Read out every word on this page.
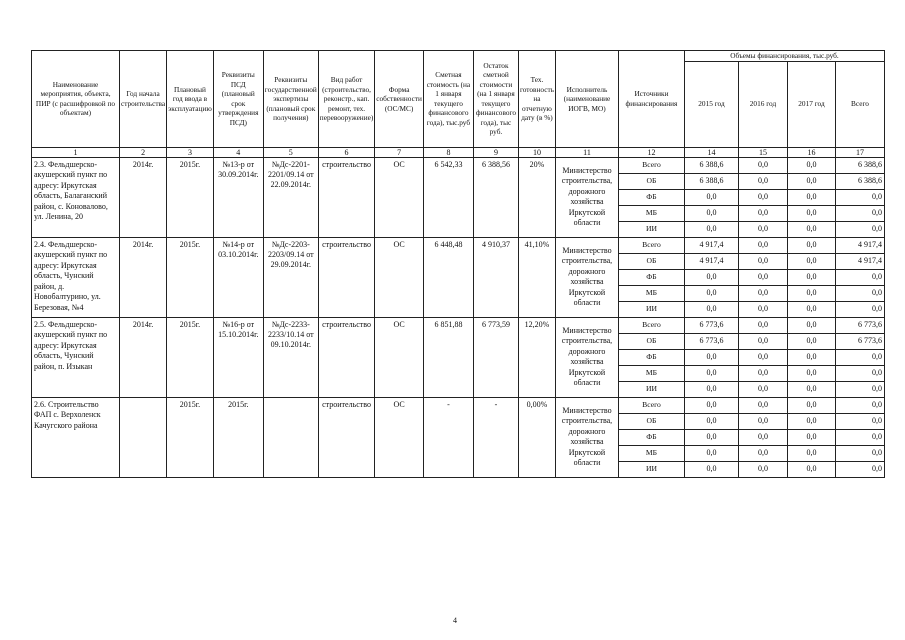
Наименование мероприятия, объекта, ПИР (с расшифровкой по объектам)	Год начала строительства	Плановый год ввода в эксплуатацию	Реквизиты ПСД (плановый срок утверждения ПСД)	Реквизиты государственной экспертизы (плановый срок получения)	Вид работ (строительство, реконстр., кап. ремонт, тех. перевооружение)	Форма собственности (ОС/МС)	Сметная стоимость (на 1 января текущего финансового года), тыс.руб	Остаток сметной стоимости (на 1 января текущего финансового года), тыс руб.	Тех. готовность на отчетную дату (в %)	Исполнитель (наименование ИОГВ, МО)	Источники финансирования	Объемы финансирования, тыс.руб.			
												2015 год	2016 год	2017 год	Всего
1	2	3	4	5	6	7	8	9	10	11	12	14	15	16	17
2.3. Фельдшерско-акушерский пункт по адресу: Иркутская область, Балаганский район, с. Коновалово, ул. Ленина, 20	2014г.	2015г.	№13-р от 30.09.2014г.	№Дс-2201-2201/09.14 от 22.09.2014г.	строительство	ОС	6 542,33	6 388,56	20%	Министерство строительства, дорожного хозяйства Иркутской области	Всего	6 388,6	0,0	0,0	6 388,6
											ОБ	6 388,6	0,0	0,0	6 388,6
											ФБ	0,0	0,0	0,0	0,0
											МБ	0,0	0,0	0,0	0,0
											ИИ	0,0	0,0	0,0	0,0
2.4. Фельдшерско-акушерский пункт по адресу: Иркутская область, Чунский район, д. Новобалтурино, ул. Березовая, №4	2014г.	2015г.	№14-р от 03.10.2014г.	№Дс-2203-2203/09.14 от 29.09.2014г.	строительство	ОС	6 448,48	4 910,37	41,10%	Министерство строительства, дорожного хозяйства Иркутской области	Всего	4 917,4	0,0	0,0	4 917,4
											ОБ	4 917,4	0,0	0,0	4 917,4
											ФБ	0,0	0,0	0,0	0,0
											МБ	0,0	0,0	0,0	0,0
											ИИ	0,0	0,0	0,0	0,0
2.5. Фельдшерско-акушерский пункт по адресу: Иркутская область, Чунский район, п. Изыкан	2014г.	2015г.	№16-р от 15.10.2014г.	№Дс-2233-2233/10.14 от 09.10.2014г.	строительство	ОС	6 851,88	6 773,59	12,20%	Министерство строительства, дорожного хозяйства Иркутской области	Всего	6 773,6	0,0	0,0	6 773,6
											ОБ	6 773,6	0,0	0,0	6 773,6
											ФБ	0,0	0,0	0,0	0,0
											МБ	0,0	0,0	0,0	0,0
											ИИ	0,0	0,0	0,0	0,0
2.6. Строительство ФАП с. Верхоленск Качугского района		2015г.	2015г.		строительство	ОС	-	-	0,00%	Министерство строительства, дорожного хозяйства Иркутской области	Всего	0,0	0,0	0,0	0,0
											ОБ	0,0	0,0	0,0	0,0
											ФБ	0,0	0,0	0,0	0,0
											МБ	0,0	0,0	0,0	0,0
											ИИ	0,0	0,0	0,0	0,0
4
